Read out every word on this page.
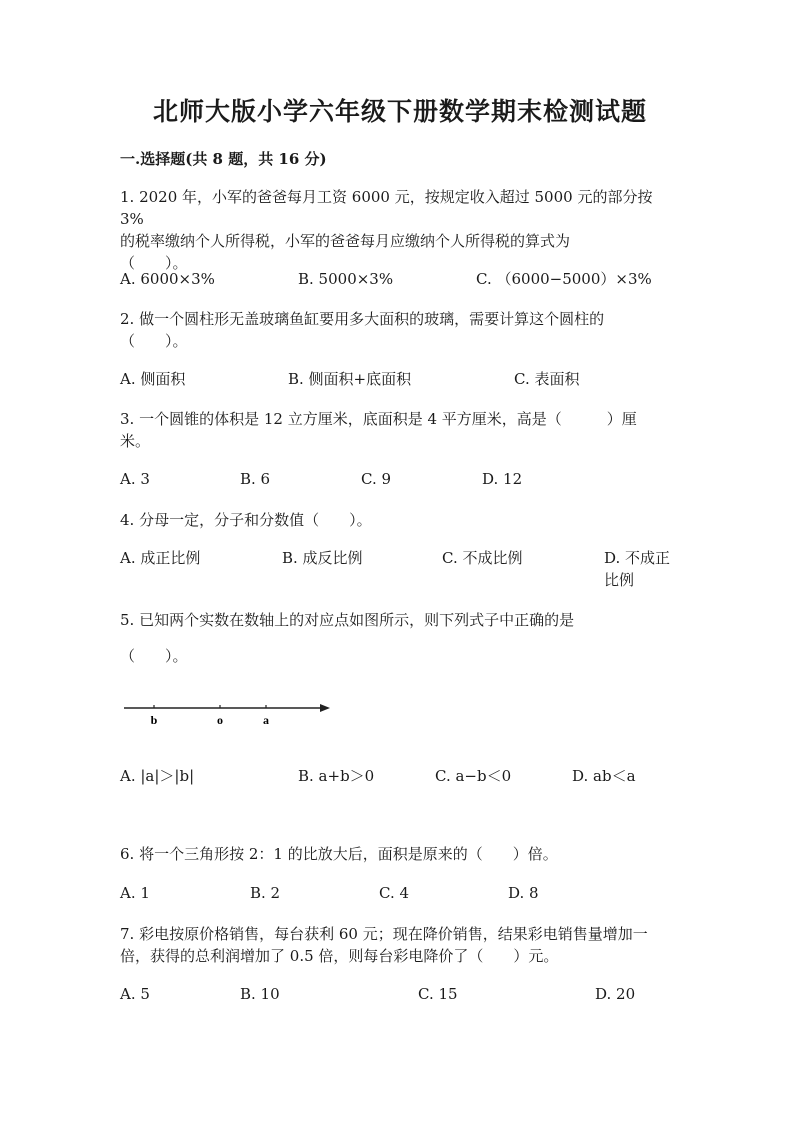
北师大版小学六年级下册数学期末检测试题
一.选择题(共 8 题，共 16 分)
1. 2020 年，小军的爸爸每月工资 6000 元，按规定收入超过 5000 元的部分按 3%
的税率缴纳个人所得税，小军的爸爸每月应缴纳个人所得税的算式为
（　　）。
A. 6000×3%	B. 5000×3%	C. （6000−5000）×3%
2. 做一个圆柱形无盖玻璃鱼缸要用多大面积的玻璃，需要计算这个圆柱的
（　　）。
A. 侧面积	B. 侧面积+底面积	C. 表面积
3. 一个圆锥的体积是 12 立方厘米，底面积是 4 平方厘米，高是（　　　）厘
米。
A. 3	B. 6	C. 9	D. 12
4. 分母一定，分子和分数值（　　）。
A. 成正比例	B. 成反比例	C. 不成比例	D. 不成正比例
5. 已知两个实数在数轴上的对应点如图所示，则下列式子中正确的是
（　　）。
b	o	a
A. |a|＞|b|	B. a+b＞0	C. a−b＜0	D. ab＜a
6. 将一个三角形按 2：1 的比放大后，面积是原来的（　　）倍。
A. 1	B. 2	C. 4	D. 8
7. 彩电按原价格销售，每台获利 60 元；现在降价销售，结果彩电销售量增加一
倍，获得的总利润增加了 0.5 倍，则每台彩电降价了（　　）元。
A. 5	B. 10	C. 15	D. 20
